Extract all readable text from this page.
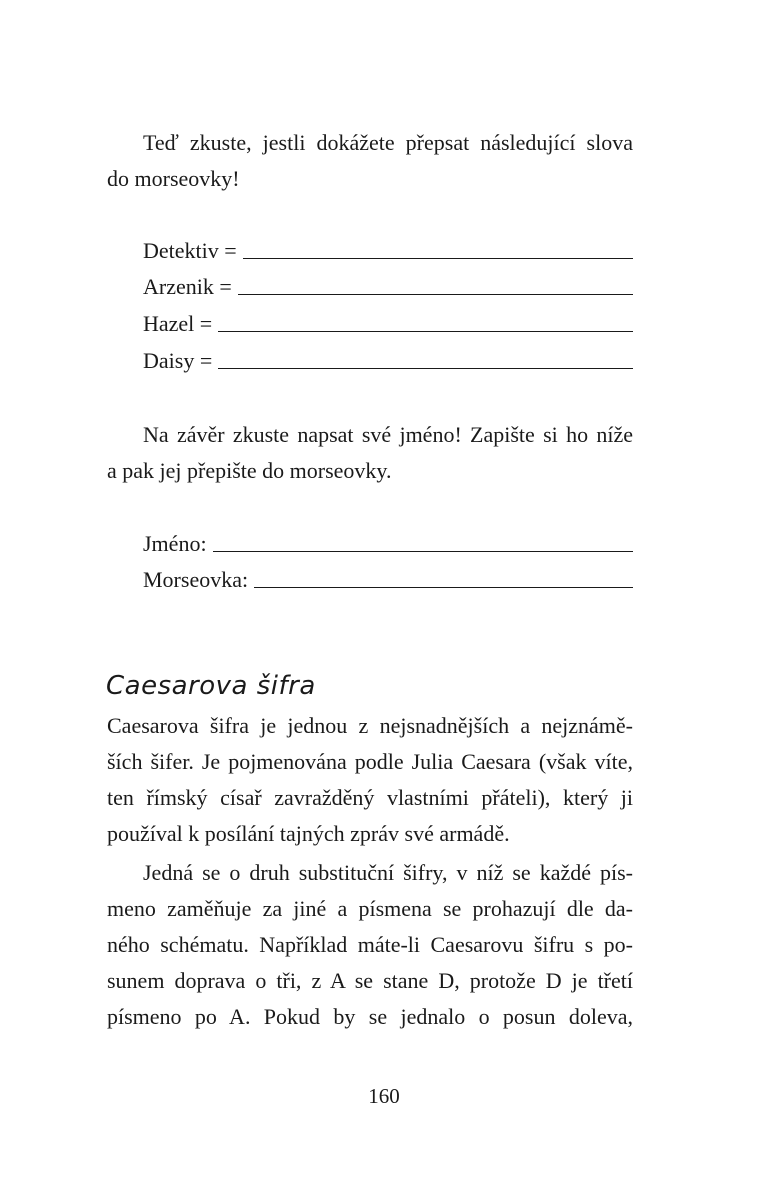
Teď zkuste, jestli dokážete přepsat následující slova
do morseovky!

Detektiv =
Arzenik =
Hazel =
Daisy =

Na závěr zkuste napsat své jméno! Zapište si ho níže
a pak jej přepište do morseovky.

Jméno:
Morseovka:
Caesarova šifra

Caesarova šifra je jednou z nejsnadnějších a nejznámě-
ších šifer. Je pojmenována podle Julia Caesara (však víte,
ten římský císař zavražděný vlastními přáteli), který ji
používal k posílání tajných zpráv své armádě.

Jedná se o druh substituční šifry, v níž se každé pís-
meno zaměňuje za jiné a písmena se prohazují dle da-
ného schématu. Například máte-li Caesarovu šifru s po-
sunem doprava o tři, z A se stane D, protože D je třetí
písmeno po A. Pokud by se jednalo o posun doleva,

160
